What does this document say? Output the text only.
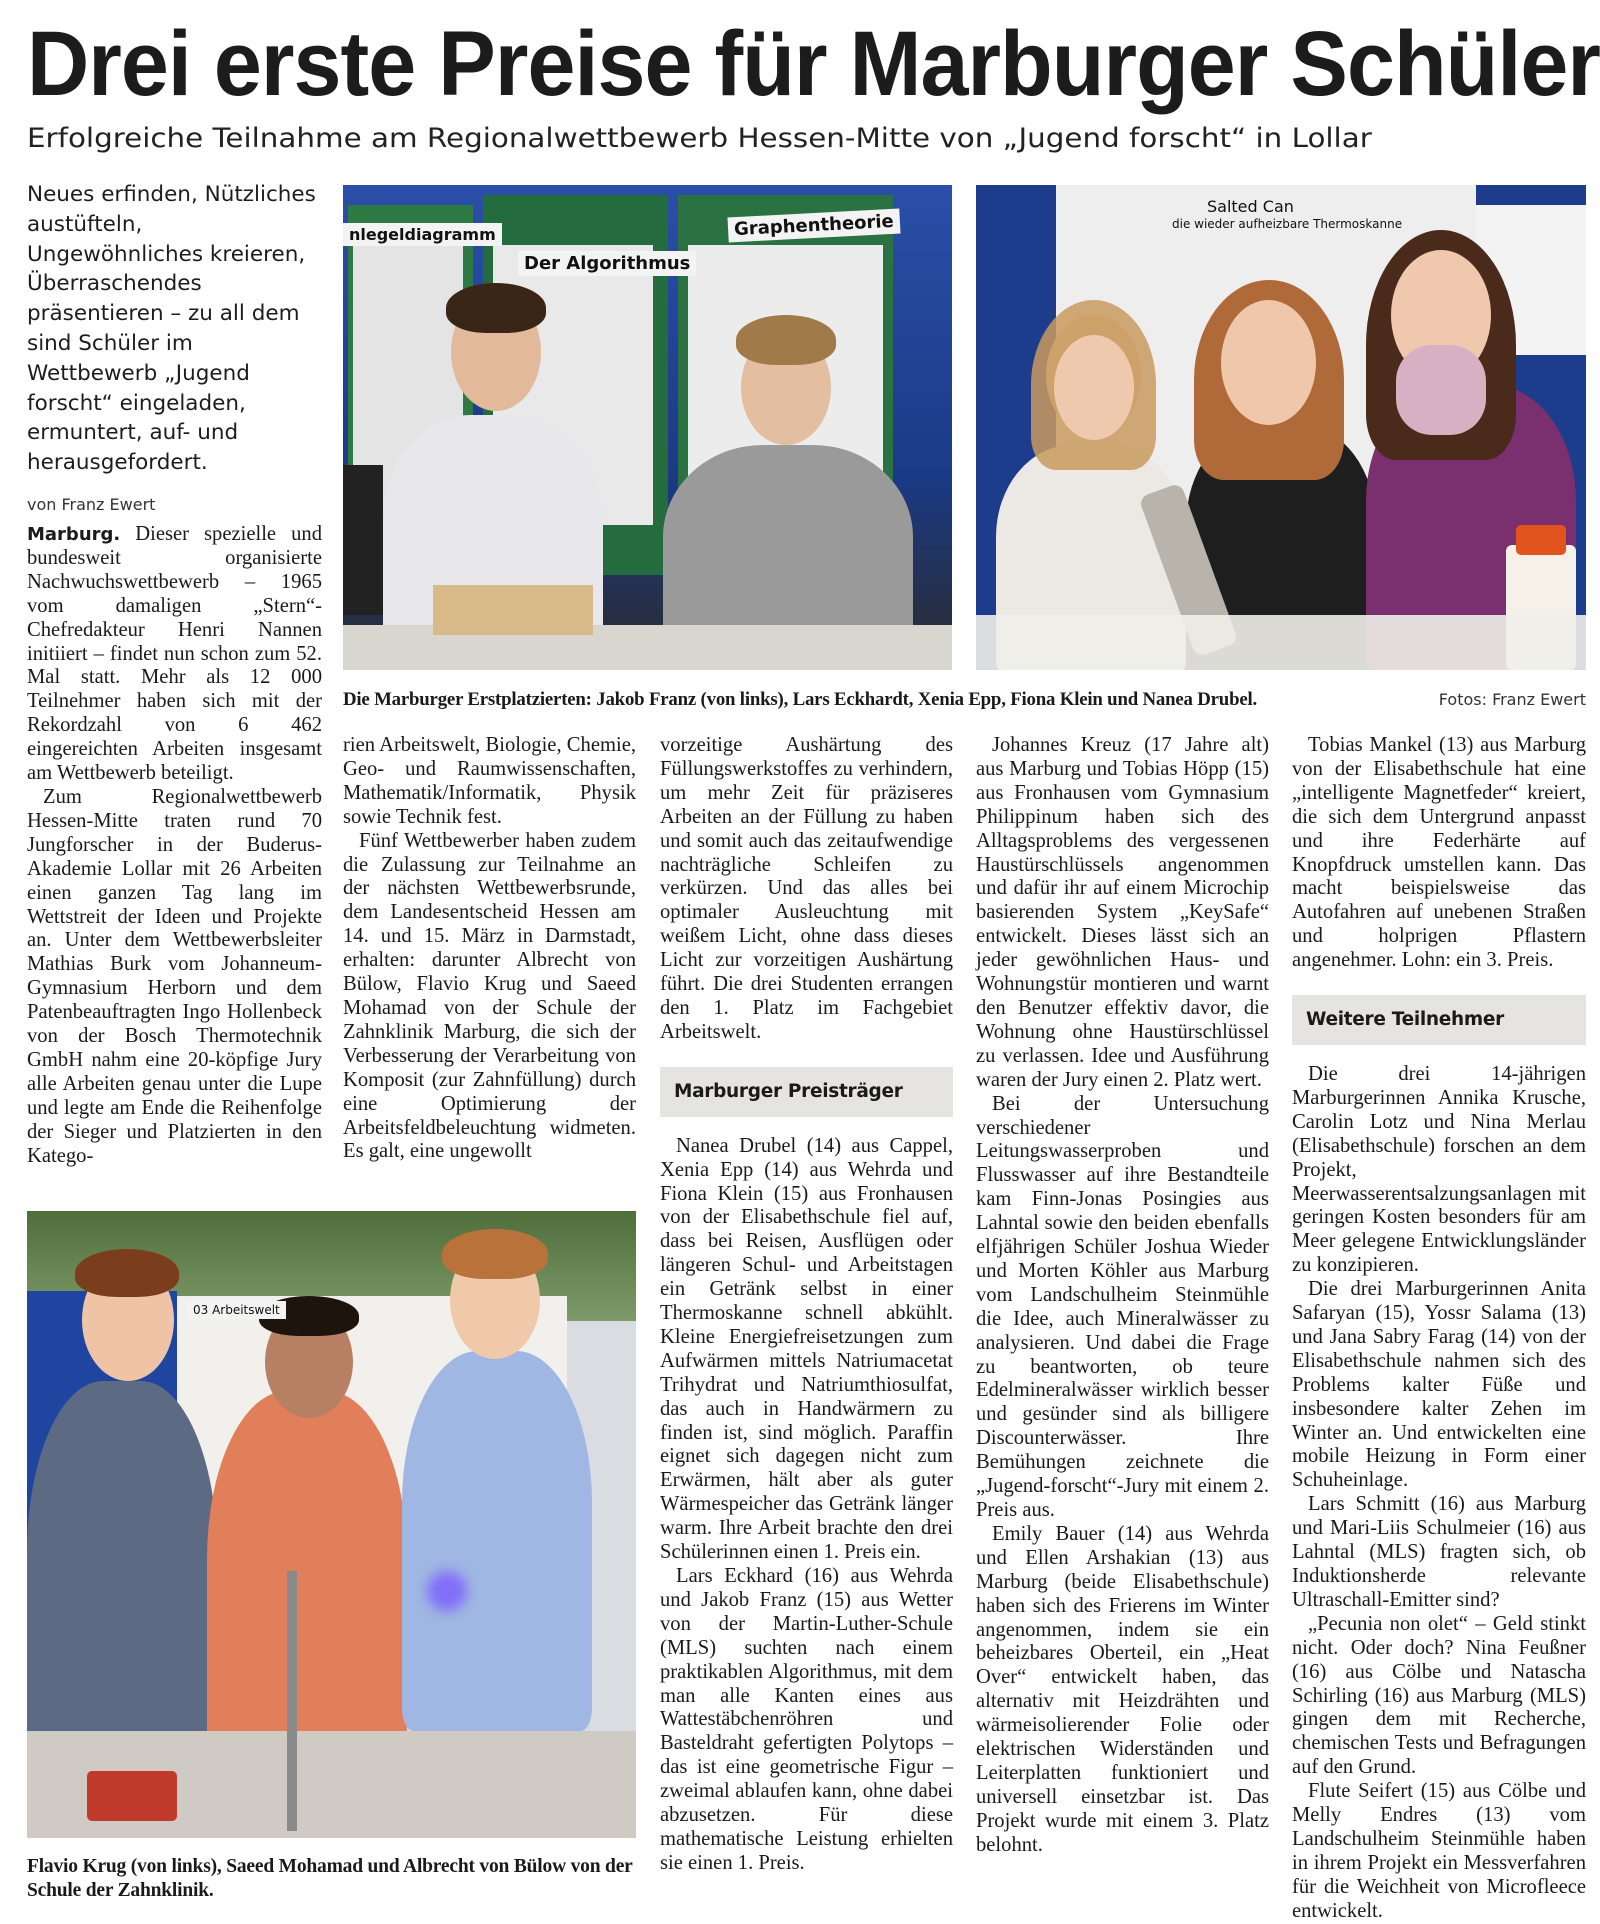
Drei erste Preise für Marburger Schüler
Erfolgreiche Teilnahme am Regionalwettbewerb Hessen-Mitte von „Jugend forscht“ in Lollar
Neues erfinden, Nützliches austüfteln, Ungewöhnliches kreieren, Überraschendes präsentieren – zu all dem sind Schüler im Wettbewerb „Jugend forscht“ eingeladen, ermuntert, auf- und herausgefordert.
von Franz Ewert

Marburg. Dieser spezielle und bundesweit organisierte Nachwuchswettbewerb – 1965 vom damaligen „Stern“-Chefredakteur Henri Nannen initiiert – findet nun schon zum 52. Mal statt. Mehr als 12 000 Teilnehmer haben sich mit der Rekordzahl von 6 462 eingereichten Arbeiten insgesamt am Wettbewerb beteiligt.

Zum Regionalwettbewerb Hessen-Mitte traten rund 70 Jungforscher in der Buderus-Akademie Lollar mit 26 Arbeiten einen ganzen Tag lang im Wettstreit der Ideen und Projekte an. Unter dem Wettbewerbsleiter Mathias Burk vom Johanneum-Gymnasium Herborn und dem Patenbeauftragten Ingo Hollenbeck von der Bosch Thermotechnik GmbH nahm eine 20-köpfige Jury alle Arbeiten genau unter die Lupe und legte am Ende die Reihenfolge der Sieger und Platzierten in den Katego-

nlegeldiagramm
Der Algorithmus
Graphentheorie
Salted Can
die wieder aufheizbare Thermoskanne
Die Marburger Erstplatzierten: Jakob Franz (von links), Lars Eckhardt, Xenia Epp, Fiona Klein und Nanea Drubel.	Fotos: Franz Ewert

rien Arbeitswelt, Biologie, Chemie, Geo- und Raumwissenschaften, Mathematik/Informatik, Physik sowie Technik fest.

Fünf Wettbewerber haben zudem die Zulassung zur Teilnahme an der nächsten Wettbewerbsrunde, dem Landesentscheid Hessen am 14. und 15. März in Darmstadt, erhalten: darunter Albrecht von Bülow, Flavio Krug und Saeed Mohamad von der Schule der Zahnklinik Marburg, die sich der Verbesserung der Verarbeitung von Komposit (zur Zahnfüllung) durch eine Optimierung der Arbeitsfeldbeleuchtung widmeten. Es galt, eine ungewollt

vorzeitige Aushärtung des Füllungswerkstoffes zu verhindern, um mehr Zeit für präziseres Arbeiten an der Füllung zu haben und somit auch das zeitaufwendige nachträgliche Schleifen zu verkürzen. Und das alles bei optimaler Ausleuchtung mit weißem Licht, ohne dass dieses Licht zur vorzeitigen Aushärtung führt. Die drei Studenten errangen den 1. Platz im Fachgebiet Arbeitswelt.

Marburger Preisträger

Nanea Drubel (14) aus Cappel, Xenia Epp (14) aus Wehrda und Fiona Klein (15) aus Fronhausen von der Elisabethschule fiel auf, dass bei Reisen, Ausflügen oder längeren Schul- und Arbeitstagen ein Getränk selbst in einer Thermoskanne schnell abkühlt. Kleine Energiefreisetzungen zum Aufwärmen mittels Natriumacetat Trihydrat und Natriumthiosulfat, das auch in Handwärmern zu finden ist, sind möglich. Paraffin eignet sich dagegen nicht zum Erwärmen, hält aber als guter Wärmespeicher das Getränk länger warm. Ihre Arbeit brachte den drei Schülerinnen einen 1. Preis ein.

Lars Eckhard (16) aus Wehrda und Jakob Franz (15) aus Wetter von der Martin-Luther-Schule (MLS) suchten nach einem praktikablen Algorithmus, mit dem man alle Kanten eines aus Wattestäbchenröhren und Basteldraht gefertigten Polytops – das ist eine geometrische Figur – zweimal ablaufen kann, ohne dabei abzusetzen. Für diese mathematische Leistung erhielten sie einen 1. Preis.

Johannes Kreuz (17 Jahre alt) aus Marburg und Tobias Höpp (15) aus Fronhausen vom Gymnasium Philippinum haben sich des Alltagsproblems des vergessenen Haustürschlüssels angenommen und dafür ihr auf einem Microchip basierenden System „KeySafe“ entwickelt. Dieses lässt sich an jeder gewöhnlichen Haus- und Wohnungstür montieren und warnt den Benutzer effektiv davor, die Wohnung ohne Haustürschlüssel zu verlassen. Idee und Ausführung waren der Jury einen 2. Platz wert.

Bei der Untersuchung verschiedener Leitungswasserproben und Flusswasser auf ihre Bestandteile kam Finn-Jonas Posingies aus Lahntal sowie den beiden ebenfalls elfjährigen Schüler Joshua Wieder und Morten Köhler aus Marburg vom Landschulheim Steinmühle die Idee, auch Mineralwässer zu analysieren. Und dabei die Frage zu beantworten, ob teure Edelmineralwässer wirklich besser und gesünder sind als billigere Discounterwässer. Ihre Bemühungen zeichnete die „Jugend-forscht“-Jury mit einem 2. Preis aus.

Emily Bauer (14) aus Wehrda und Ellen Arshakian (13) aus Marburg (beide Elisabethschule) haben sich des Frierens im Winter angenommen, indem sie ein beheizbares Oberteil, ein „Heat Over“ entwickelt haben, das alternativ mit Heizdrähten und wärmeisolierender Folie oder elektrischen Widerständen und Leiterplatten funktioniert und universell einsetzbar ist. Das Projekt wurde mit einem 3. Platz belohnt.

Tobias Mankel (13) aus Marburg von der Elisabethschule hat eine „intelligente Magnetfeder“ kreiert, die sich dem Untergrund anpasst und ihre Federhärte auf Knopfdruck umstellen kann. Das macht beispielsweise das Autofahren auf unebenen Straßen und holprigen Pflastern angenehmer. Lohn: ein 3. Preis.

Weitere Teilnehmer

Die drei 14-jährigen Marburgerinnen Annika Krusche, Carolin Lotz und Nina Merlau (Elisabethschule) forschen an dem Projekt, Meerwasserentsalzungsanlagen mit geringen Kosten besonders für am Meer gelegene Entwicklungsländer zu konzipieren.

Die drei Marburgerinnen Anita Safaryan (15), Yossr Salama (13) und Jana Sabry Farag (14) von der Elisabethschule nahmen sich des Problems kalter Füße und insbesondere kalter Zehen im Winter an. Und entwickelten eine mobile Heizung in Form einer Schuheinlage.

Lars Schmitt (16) aus Marburg und Mari-Liis Schulmeier (16) aus Lahntal (MLS) fragten sich, ob Induktionsherde relevante Ultraschall-Emitter sind?

„Pecunia non olet“ – Geld stinkt nicht. Oder doch? Nina Feußner (16) aus Cölbe und Natascha Schirling (16) aus Marburg (MLS) gingen dem mit Recherche, chemischen Tests und Befragungen auf den Grund.

Flute Seifert (15) aus Cölbe und Melly Endres (13) vom Landschulheim Steinmühle haben in ihrem Projekt ein Messverfahren für die Weichheit von Microfleece entwickelt.

03 Arbeitswelt
Flavio Krug (von links), Saeed Mohamad und Albrecht von Bülow von der Schule der Zahnklinik.
